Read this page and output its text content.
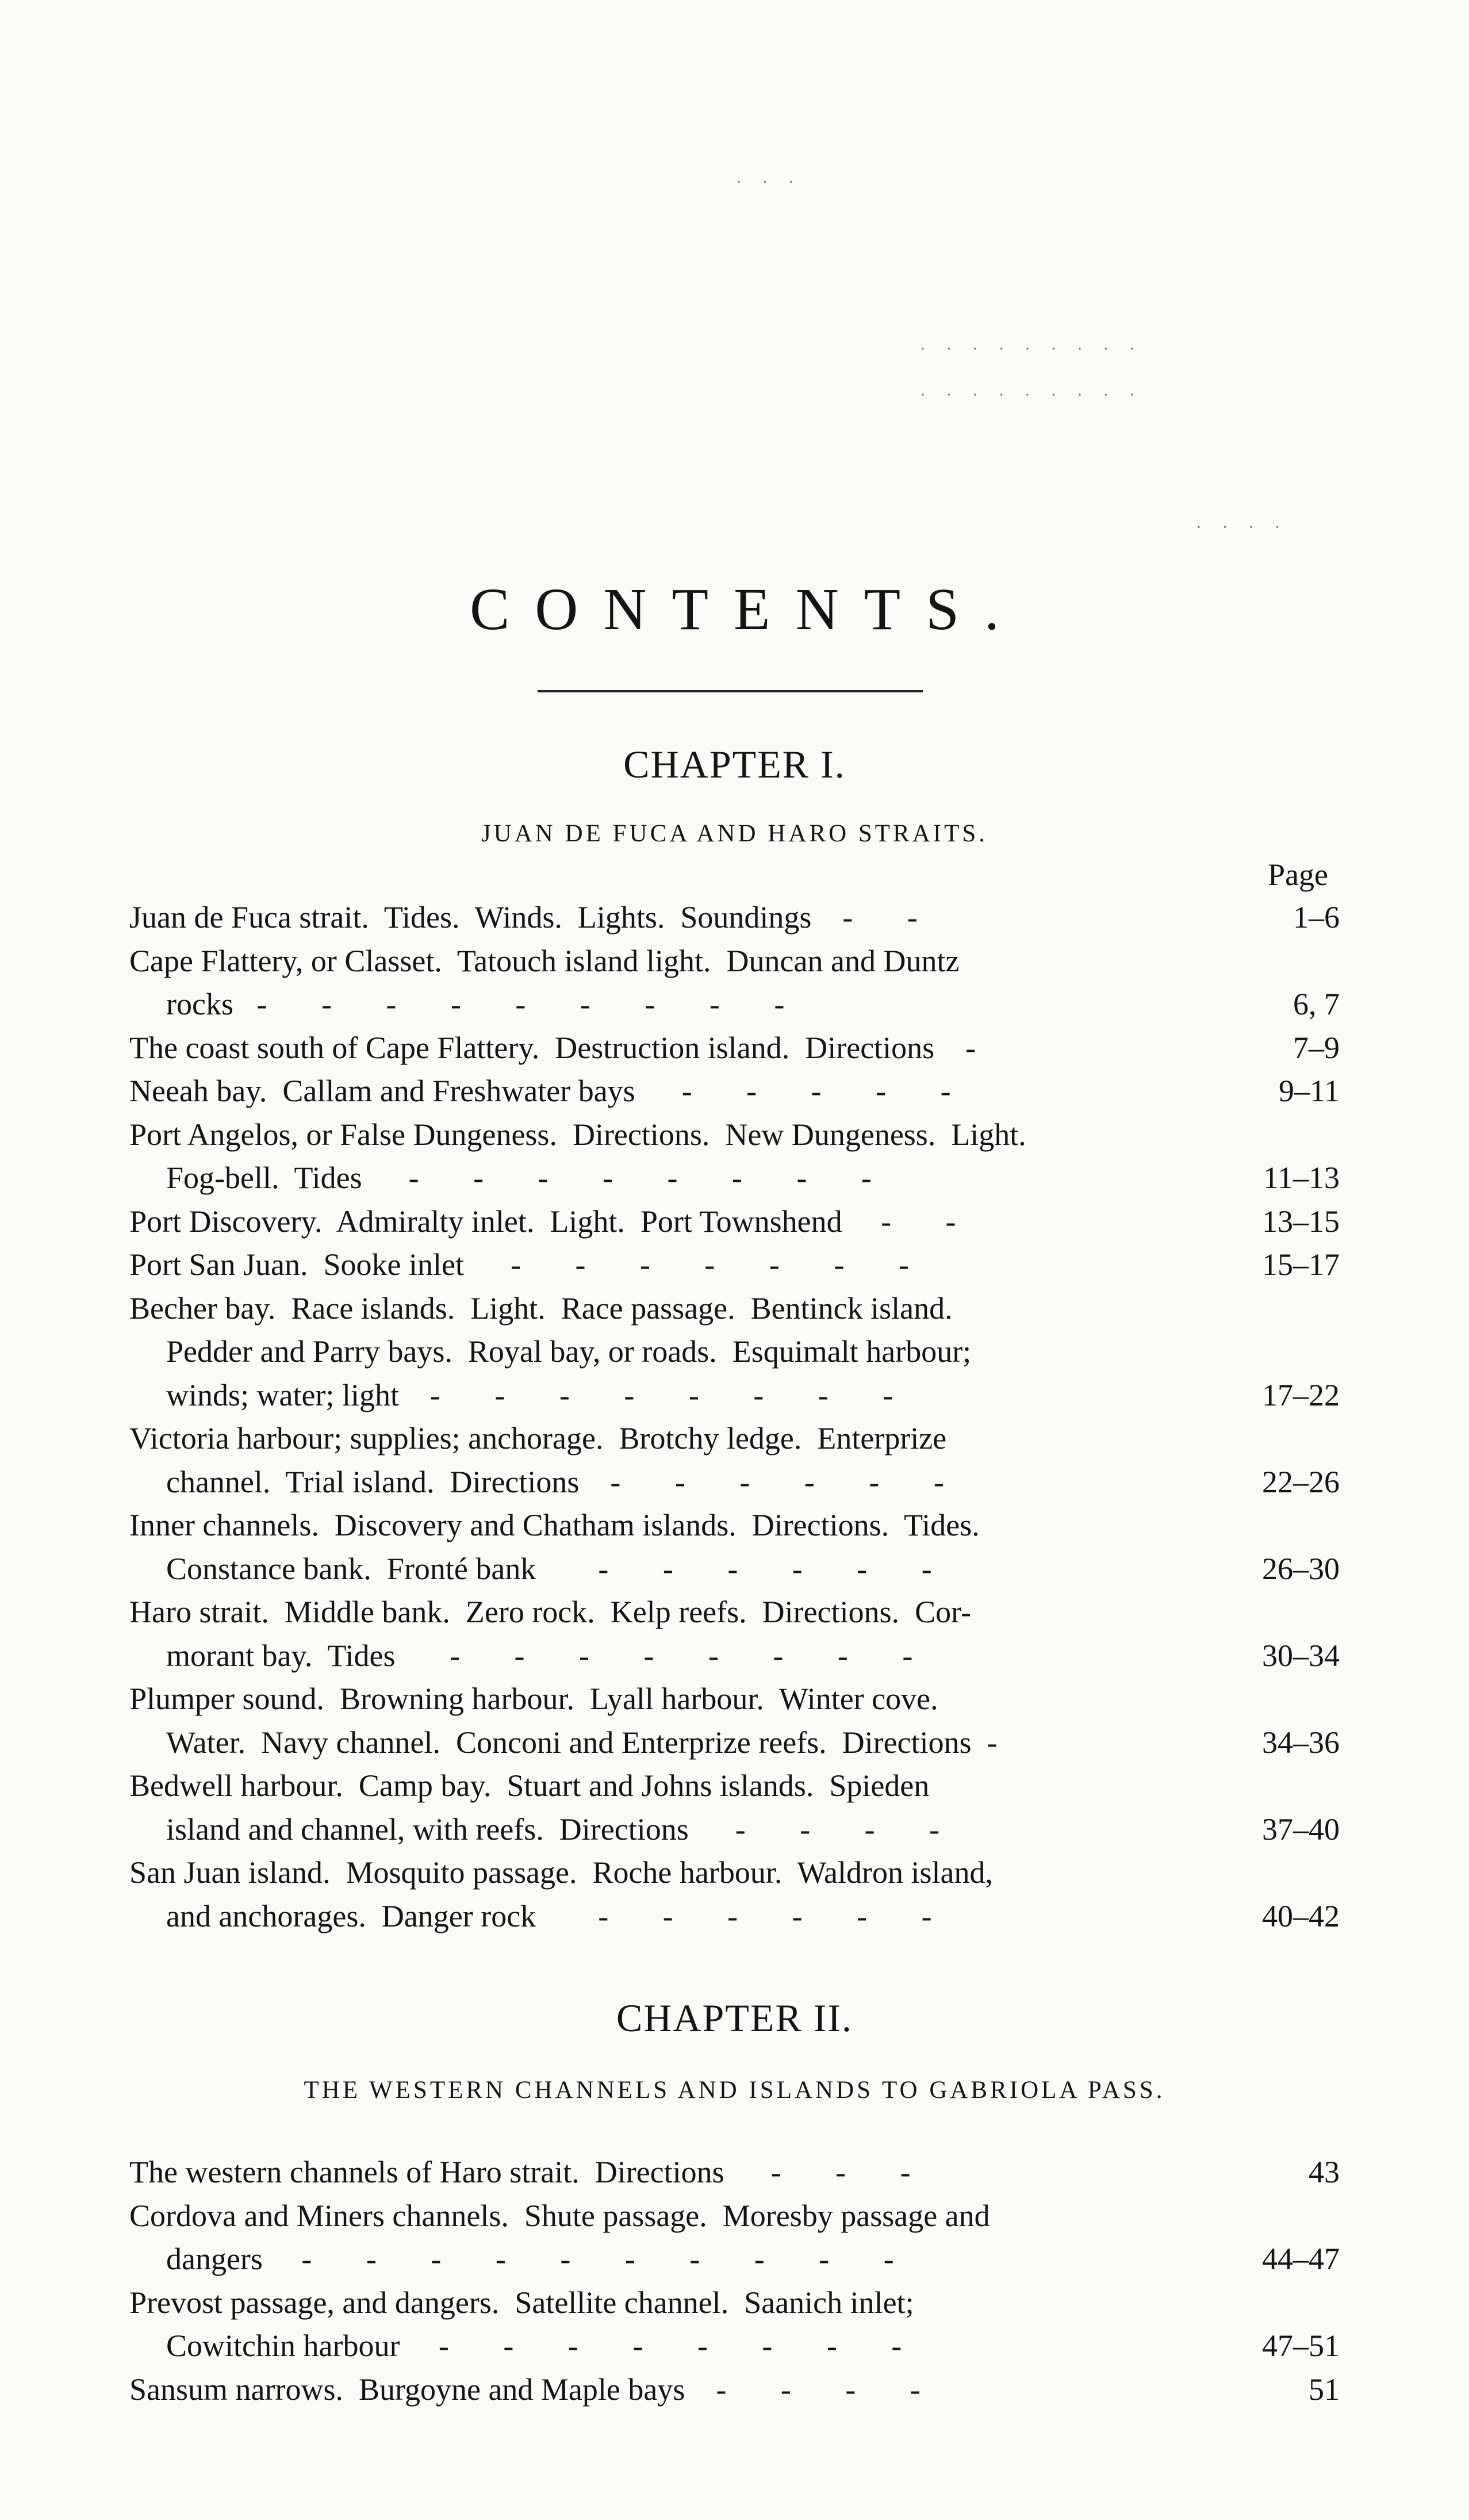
· · ·
· · · · · · · · ·
· · · · · · · · ·
· · · ·
CONTENTS.
CHAPTER I.
JUAN DE FUCA AND HARO STRAITS.
Page
Juan de Fuca strait.  Tides.  Winds.  Lights.  Soundings    -       -	1–6
Cape Flattery, or Classet.  Tatouch island light.  Duncan and Duntz
rocks   -       -       -       -       -       -       -       -       -	6, 7
The coast south of Cape Flattery.  Destruction island.  Directions    -	7–9
Neeah bay.  Callam and Freshwater bays      -       -       -       -       -	9–11
Port Angelos, or False Dungeness.  Directions.  New Dungeness.  Light.
Fog-bell.  Tides      -       -       -       -       -       -       -       -	11–13
Port Discovery.  Admiralty inlet.  Light.  Port Townshend     -       -	13–15
Port San Juan.  Sooke inlet      -       -       -       -       -       -       -	15–17
Becher bay.  Race islands.  Light.  Race passage.  Bentinck island.
Pedder and Parry bays.  Royal bay, or roads.  Esquimalt harbour;
winds; water; light    -       -       -       -       -       -       -       -	17–22
Victoria harbour; supplies; anchorage.  Brotchy ledge.  Enterprize
channel.  Trial island.  Directions    -       -       -       -       -       -	22–26
Inner channels.  Discovery and Chatham islands.  Directions.  Tides.
Constance bank.  Fronté bank        -       -       -       -       -       -	26–30
Haro strait.  Middle bank.  Zero rock.  Kelp reefs.  Directions.  Cor-
morant bay.  Tides       -       -       -       -       -       -       -       -	30–34
Plumper sound.  Browning harbour.  Lyall harbour.  Winter cove.
Water.  Navy channel.  Conconi and Enterprize reefs.  Directions  -	34–36
Bedwell harbour.  Camp bay.  Stuart and Johns islands.  Spieden
island and channel, with reefs.  Directions      -       -       -       -	37–40
San Juan island.  Mosquito passage.  Roche harbour.  Waldron island,
and anchorages.  Danger rock        -       -       -       -       -       -	40–42
CHAPTER II.
THE WESTERN CHANNELS AND ISLANDS TO GABRIOLA PASS.
The western channels of Haro strait.  Directions      -       -       -	43
Cordova and Miners channels.  Shute passage.  Moresby passage and
dangers     -       -       -       -       -       -       -       -       -       -	44–47
Prevost passage, and dangers.  Satellite channel.  Saanich inlet;
Cowitchin harbour     -       -       -       -       -       -       -       -	47–51
Sansum narrows.  Burgoyne and Maple bays    -       -       -       -	51
